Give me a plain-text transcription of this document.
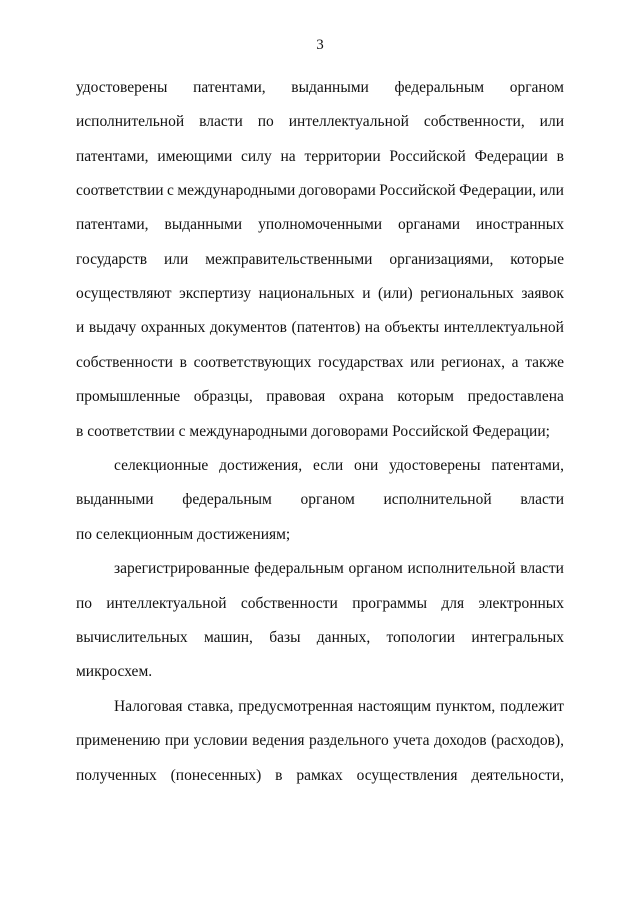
3
удостоверены патентами, выданными федеральным органом
исполнительной власти по интеллектуальной собственности, или
патентами, имеющими силу на территории Российской Федерации в
соответствии с международными договорами Российской Федерации, или
патентами, выданными уполномоченными органами иностранных
государств или межправительственными организациями, которые
осуществляют экспертизу национальных и (или) региональных заявок
и выдачу охранных документов (патентов) на объекты интеллектуальной
собственности в соответствующих государствах или регионах, а также
промышленные образцы, правовая охрана которым предоставлена
в соответствии с международными договорами Российской Федерации;
селекционные достижения, если они удостоверены патентами,
выданными федеральным органом исполнительной власти
по селекционным достижениям;
зарегистрированные федеральным органом исполнительной власти
по интеллектуальной собственности программы для электронных
вычислительных машин, базы данных, топологии интегральных
микросхем.
Налоговая ставка, предусмотренная настоящим пунктом, подлежит
применению при условии ведения раздельного учета доходов (расходов),
полученных (понесенных) в рамках осуществления деятельности,
